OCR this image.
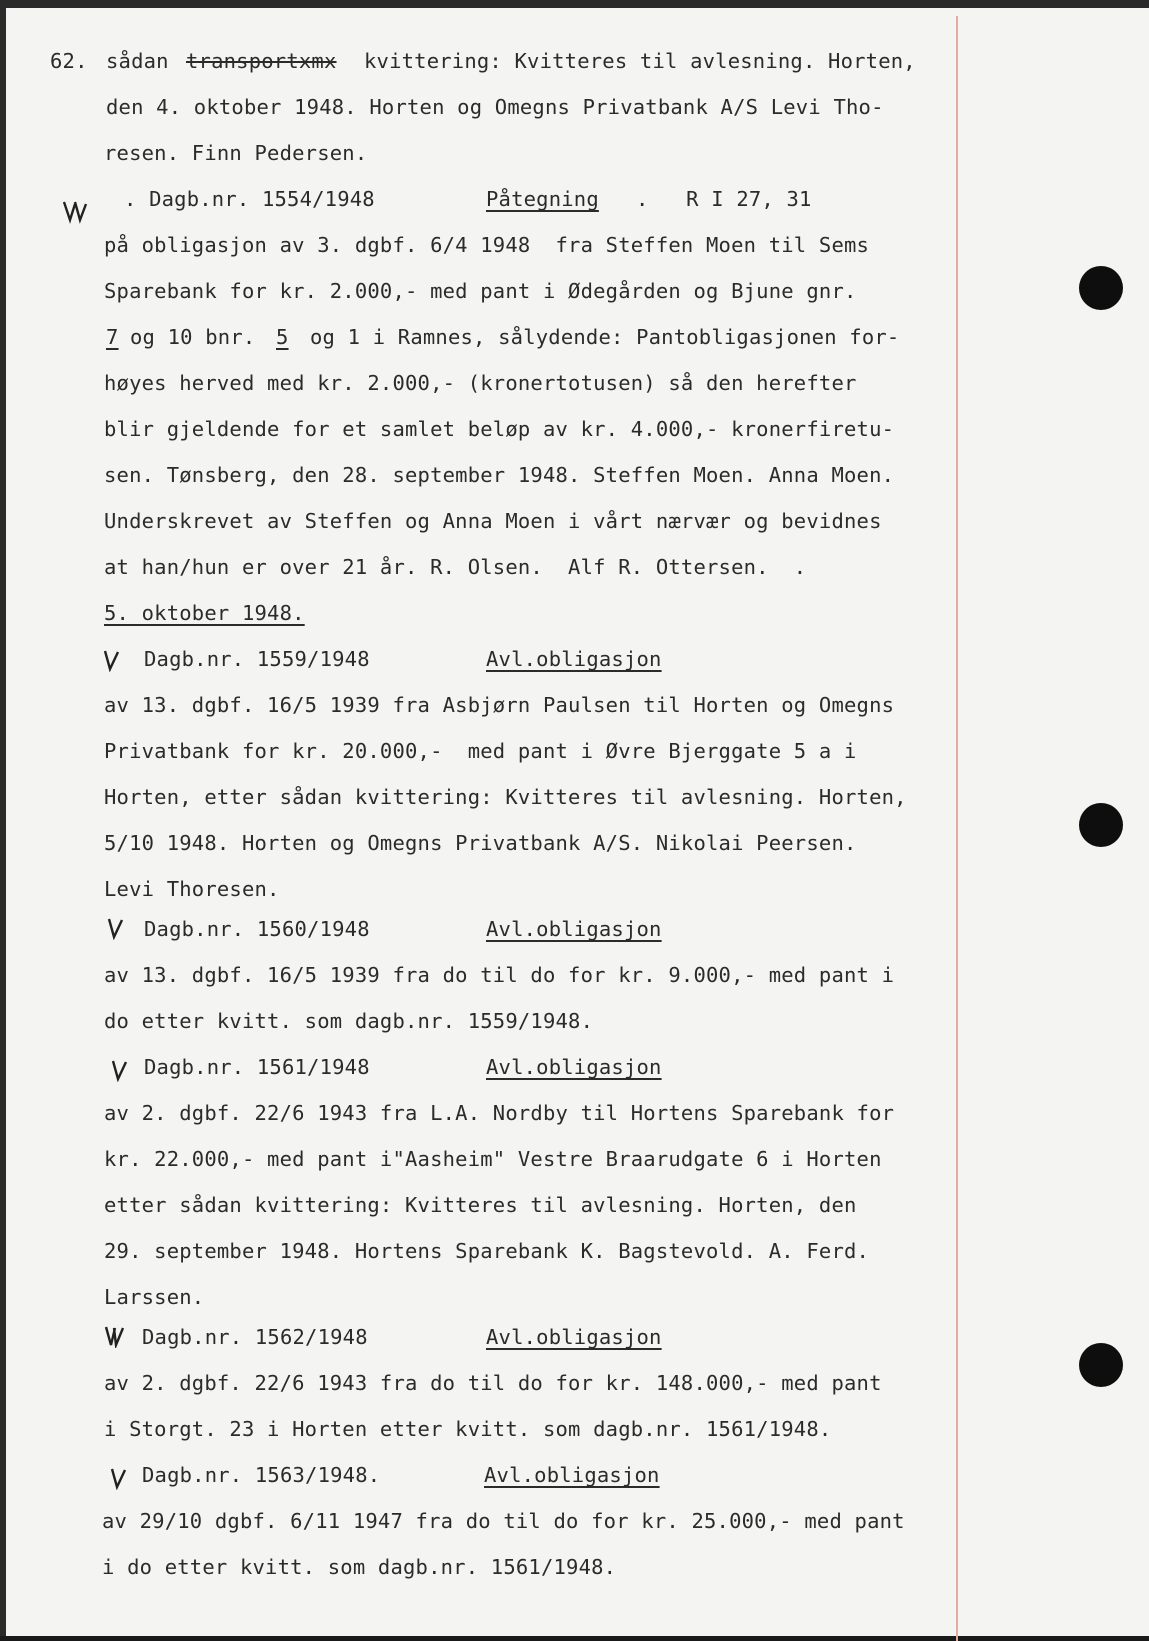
62. sådan transportxmx kvittering: Kvitteres til avlesning. Horten,
den 4. oktober 1948. Horten og Omegns Privatbank A/S Levi Tho-
resen. Finn Pedersen.
. Dagb.nr. 1554/1948	Påtegning .   R I 27, 31
på obligasjon av 3. dgbf. 6/4 1948  fra Steffen Moen til Sems
Sparebank for kr. 2.000,- med pant i Ødegården og Bjune gnr.
7 og 10 bnr. 5 og 1 i Ramnes, sålydende: Pantobligasjonen for-
høyes herved med kr. 2.000,- (kronertotusen) så den herefter
blir gjeldende for et samlet beløp av kr. 4.000,- kronerfiretu-
sen. Tønsberg, den 28. september 1948. Steffen Moen. Anna Moen.
Underskrevet av Steffen og Anna Moen i vårt nærvær og bevidnes
at han/hun er over 21 år. R. Olsen.  Alf R. Ottersen.  .
5. oktober 1948.
Dagb.nr. 1559/1948	Avl.obligasjon
av 13. dgbf. 16/5 1939 fra Asbjørn Paulsen til Horten og Omegns
Privatbank for kr. 20.000,-  med pant i Øvre Bjerggate 5 a i
Horten, etter sådan kvittering: Kvitteres til avlesning. Horten,
5/10 1948. Horten og Omegns Privatbank A/S. Nikolai Peersen.
Levi Thoresen.
Dagb.nr. 1560/1948	Avl.obligasjon
av 13. dgbf. 16/5 1939 fra do til do for kr. 9.000,- med pant i
do etter kvitt. som dagb.nr. 1559/1948.
Dagb.nr. 1561/1948	Avl.obligasjon
av 2. dgbf. 22/6 1943 fra L.A. Nordby til Hortens Sparebank for
kr. 22.000,- med pant i"Aasheim" Vestre Braarudgate 6 i Horten
etter sådan kvittering: Kvitteres til avlesning. Horten, den
29. september 1948. Hortens Sparebank K. Bagstevold. A. Ferd.
Larssen.
Dagb.nr. 1562/1948	Avl.obligasjon
av 2. dgbf. 22/6 1943 fra do til do for kr. 148.000,- med pant
i Storgt. 23 i Horten etter kvitt. som dagb.nr. 1561/1948.
Dagb.nr. 1563/1948.	Avl.obligasjon
av 29/10 dgbf. 6/11 1947 fra do til do for kr. 25.000,- med pant
i do etter kvitt. som dagb.nr. 1561/1948.
